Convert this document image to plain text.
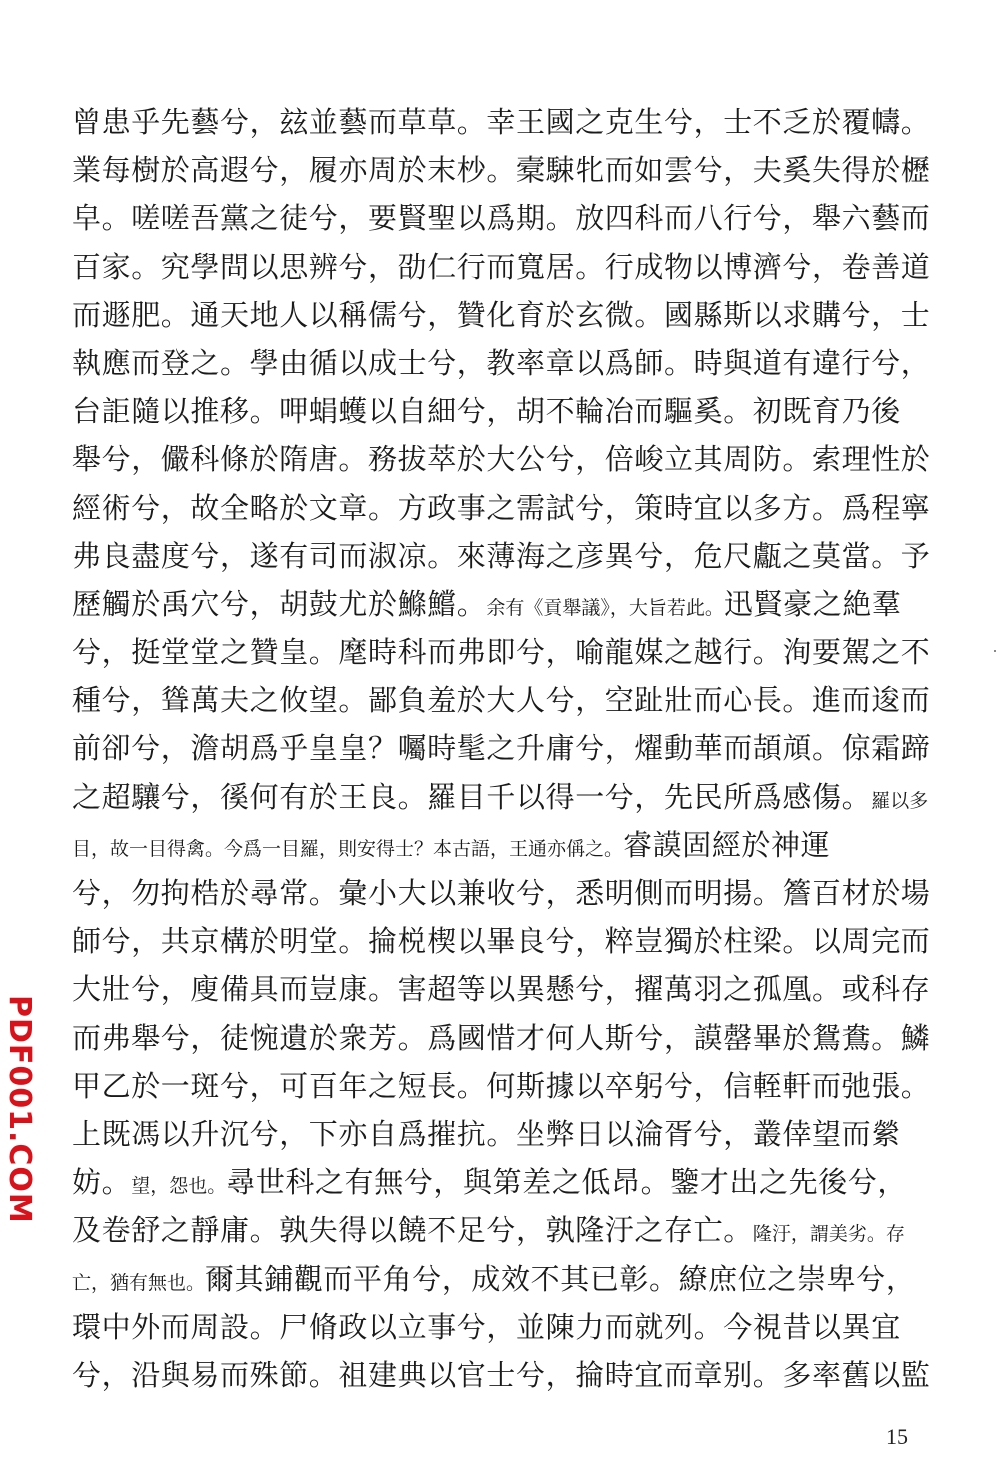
曾患乎先藝兮，玆並藝而草草。幸王國之克生兮，士不乏於覆幬。
業每樹於高遐兮，履亦周於末杪。槖駷牝而如雲兮，夫奚失得於櫪
皁。嗟嗟吾黨之徒兮，要賢聖以爲期。放四科而八行兮，舉六藝而
百家。究學問以思辨兮，劭仁行而寬居。行成物以博濟兮，卷善道
而遯肥。通天地人以稱儒兮，贊化育於玄微。國縣斯以求購兮，士
執應而登之。學由循以成士兮，教率章以爲師。時與道有違行兮，
台詎隨以推移。呷蜎蠖以自細兮，胡不輪冶而驅奚。初既育乃後
舉兮，儼科條於隋唐。務拔萃於大公兮，倍峻立其周防。索理性於
經術兮，故全略於文章。方政事之需試兮，策時宜以多方。爲程寧
弗良盡度兮，遂有司而淑凉。來薄海之彦異兮，危尺甗之莫當。予
歷觸於禹穴兮，胡鼓尤於鰷鱨。余有《貢舉議》，大旨若此。迅賢豪之絶羣
兮，挺堂堂之贊皇。麾時科而弗即兮，喻龍媒之越行。洵要駕之不
種兮，聳萬夫之攸望。鄙負羞於大人兮，空趾壯而心長。進而逡而
前卻兮，澹胡爲乎皇皇？囑時髦之升庸兮，燿動華而頡頏。倞霜蹄
之超驤兮，徯何有於王良。羅目千以得一兮，先民所爲感傷。羅以多
目，故一目得禽。今爲一目羅，則安得士？本古語，王通亦偁之。睿謨固經於神運
兮，勿拘梏於尋常。彙小大以兼收兮，悉明側而明揚。簷百材於場
師兮，共京構於明堂。掄棁楔以畢良兮，粹豈獨於柱梁。以周完而
大壯兮，廋備具而豈康。害超等以異懸兮，擢萬羽之孤凰。或科存
而弗舉兮，徒惋遺於衆芳。爲國惜才何人斯兮，謨罄畢於鴛鴦。鱗
甲乙於一斑兮，可百年之短長。何斯據以卒躬兮，信輊軒而弛張。
上既馮以升沉兮，下亦自爲摧抗。坐弊日以淪胥兮，叢倖望而縈
妨。望，怨也。尋世科之有無兮，與第差之低昂。鑒才出之先後兮，
及卷舒之靜庸。孰失得以饒不足兮，孰隆汙之存亡。隆汙，謂美劣。存
亡，猶有無也。爾其鋪觀而平角兮，成效不其已彰。繚庶位之崇卑兮，
環中外而周設。尸脩政以立事兮，並陳力而就列。今視昔以異宜
兮，沿與易而殊節。祖建典以官士兮，掄時宜而章别。多率舊以監
PDF001.COM
15
